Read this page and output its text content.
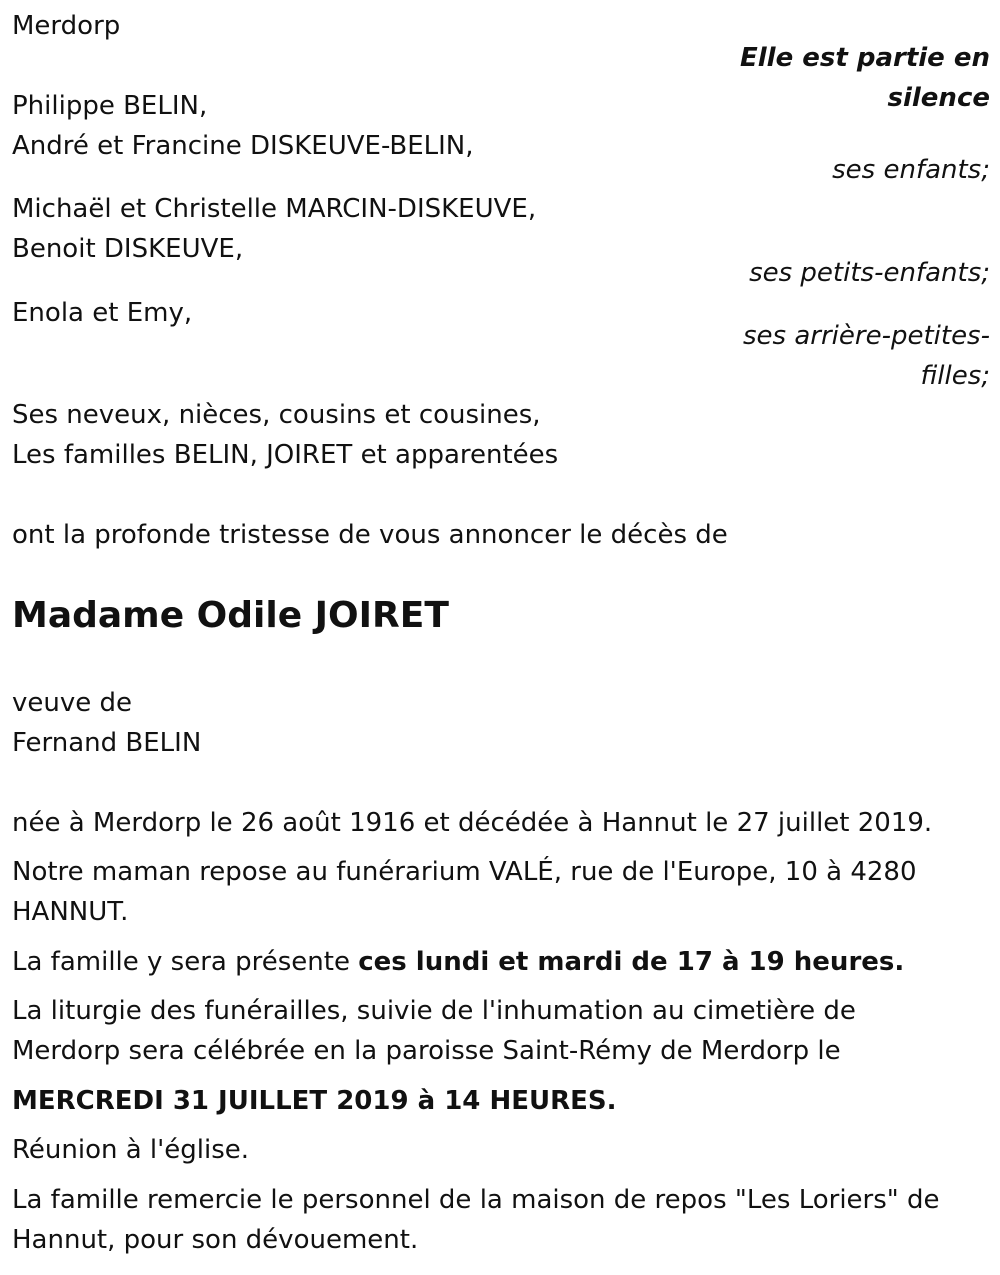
Merdorp

Elle est partie en

silence

Philippe BELIN,

André et Francine DISKEUVE-BELIN,

ses enfants;

Michaël et Christelle MARCIN-DISKEUVE,

Benoit DISKEUVE,

ses petits-enfants;

Enola et Emy,

ses arrière-petites-

filles;

Ses neveux, nièces, cousins et cousines,

Les familles BELIN, JOIRET et apparentées

ont la profonde tristesse de vous annoncer le décès de

Madame Odile JOIRET

veuve de

Fernand BELIN

née à Merdorp le 26 août 1916 et décédée à Hannut le 27 juillet 2019.

Notre maman repose au funérarium VALÉ, rue de l'Europe, 10 à 4280

HANNUT.

La famille y sera présente ces lundi et mardi de 17 à 19 heures.

La liturgie des funérailles, suivie de l'inhumation au cimetière de

Merdorp sera célébrée en la paroisse Saint-Rémy de Merdorp le

MERCREDI 31 JUILLET 2019 à 14 HEURES.

Réunion à l'église.

La famille remercie le personnel de la maison de repos "Les Loriers" de

Hannut, pour son dévouement.
